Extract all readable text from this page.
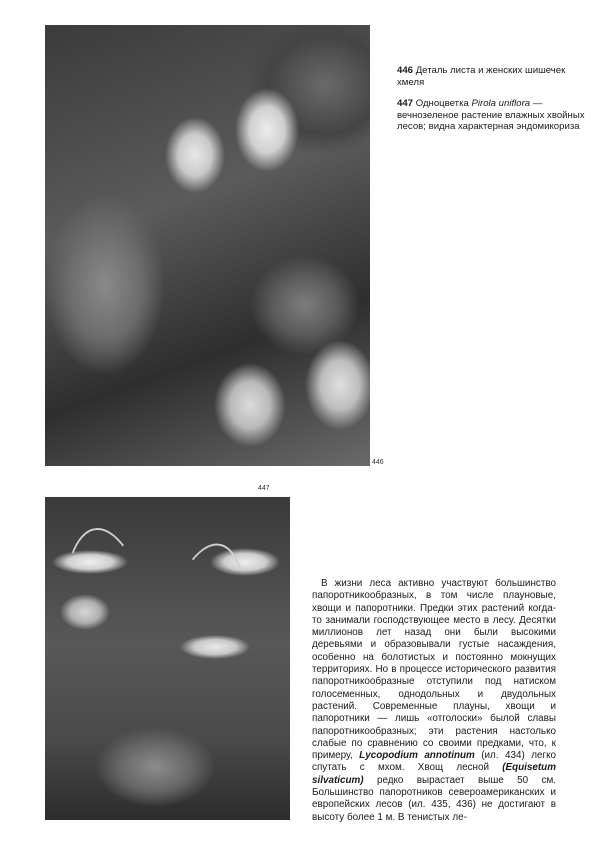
446
447

446 Деталь листа и женских шишечек хмеля

447 Одноцветка Pirola uniflora — вечнозеленое растение влажных хвойных лесов; видна характерная эндомикориза

В жизни леса активно участвуют большинство папоротникообразных, в том числе плауновые, хвощи и папоротники. Предки этих растений когда-то занимали господствующее место в лесу. Десятки миллионов лет назад они были высокими деревьями и образовывали густые насаждения, особенно на болотистых и постоянно мокнущих территориях. Но в процессе исторического развития папоротникообразные отступили под натиском голосеменных, однодольных и двудольных растений. Современные плауны, хвощи и папоротники — лишь «отголоски» былой славы папоротникообразных; эти растения настолько слабые по сравнению со своими предками, что, к примеру, Lycopodium annotinum (ил. 434) легко спутать с мхом. Хвощ лесной (Equisetum silvaticum) редко вырастает выше 50 см. Большинство папоротников североамериканских и европейских лесов (ил. 435, 436) не достигают в высоту более 1 м. В тенистых ле-
